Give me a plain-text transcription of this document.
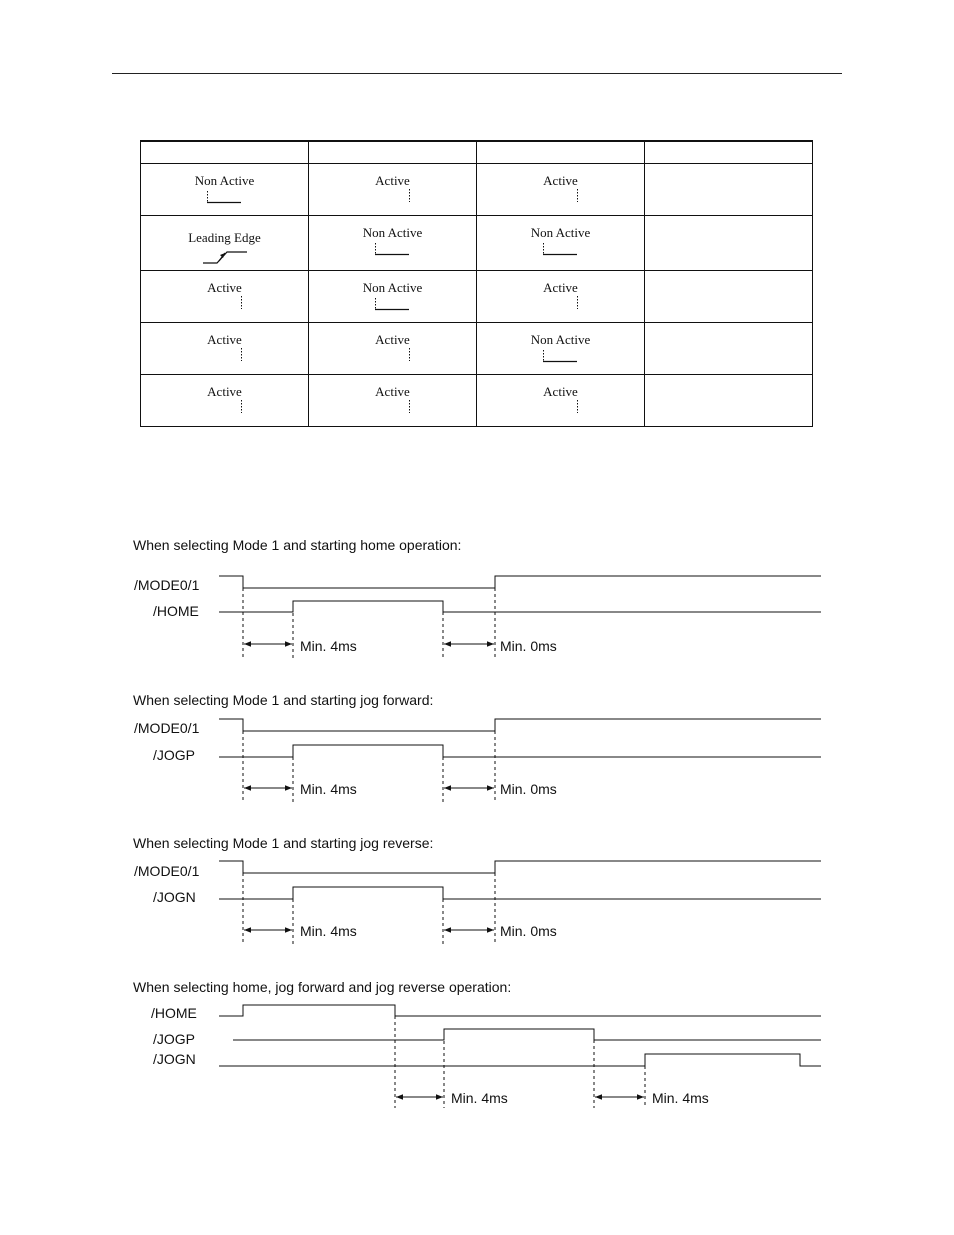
Non Active	Active	Active	

Leading Edge	Non Active	Non Active	

Active	Non Active	Active	

Active	Active	Non Active	

Active	Active	Active	

When selecting Mode 1 and starting home operation:
/MODE0/1
/HOME
Min. 4ms	Min. 0ms
When selecting Mode 1 and starting jog forward:
/MODE0/1
/JOGP
Min. 4ms	Min. 0ms
When selecting Mode 1 and starting jog reverse:
/MODE0/1
/JOGN
Min. 4ms	Min. 0ms
When selecting home, jog forward and jog reverse operation:
/HOME
/JOGP
/JOGN
Min. 4ms	Min. 4ms
